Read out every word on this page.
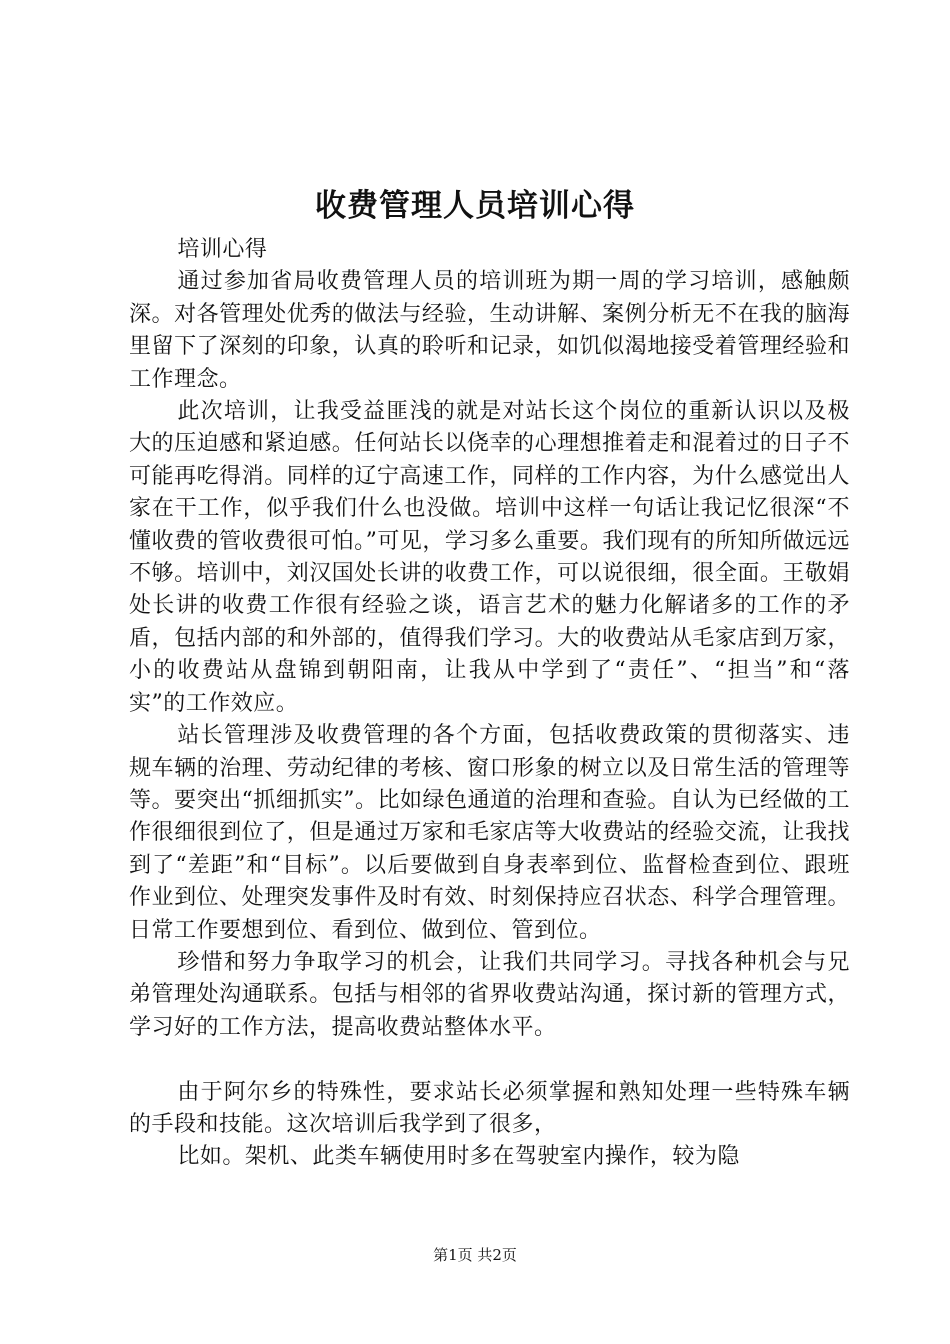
收费管理人员培训心得

培训心得

通过参加省局收费管理人员的培训班为期一周的学习培训，感触颇深。对各管理处优秀的做法与经验，生动讲解、案例分析无不在我的脑海里留下了深刻的印象，认真的聆听和记录，如饥似渴地接受着管理经验和工作理念。

此次培训，让我受益匪浅的就是对站长这个岗位的重新认识以及极大的压迫感和紧迫感。任何站长以侥幸的心理想推着走和混着过的日子不可能再吃得消。同样的辽宁高速工作，同样的工作内容，为什么感觉出人家在干工作，似乎我们什么也没做。培训中这样一句话让我记忆很深“不懂收费的管收费很可怕。”可见，学习多么重要。我们现有的所知所做远远不够。培训中，刘汉国处长讲的收费工作，可以说很细，很全面。王敬娟处长讲的收费工作很有经验之谈，语言艺术的魅力化解诸多的工作的矛盾，包括内部的和外部的，值得我们学习。大的收费站从毛家店到万家，小的收费站从盘锦到朝阳南，让我从中学到了“责任”、“担当”和“落实”的工作效应。

站长管理涉及收费管理的各个方面，包括收费政策的贯彻落实、违规车辆的治理、劳动纪律的考核、窗口形象的树立以及日常生活的管理等等。要突出“抓细抓实”。比如绿色通道的治理和查验。自认为已经做的工作很细很到位了，但是通过万家和毛家店等大收费站的经验交流，让我找到了“差距”和“目标”。以后要做到自身表率到位、监督检查到位、跟班作业到位、处理突发事件及时有效、时刻保持应召状态、科学合理管理。日常工作要想到位、看到位、做到位、管到位。

珍惜和努力争取学习的机会，让我们共同学习。寻找各种机会与兄弟管理处沟通联系。包括与相邻的省界收费站沟通，探讨新的管理方式，学习好的工作方法，提高收费站整体水平。

由于阿尔乡的特殊性，要求站长必须掌握和熟知处理一些特殊车辆的手段和技能。这次培训后我学到了很多，

比如。架机、此类车辆使用时多在驾驶室内操作，较为隐

第1页 共2页
